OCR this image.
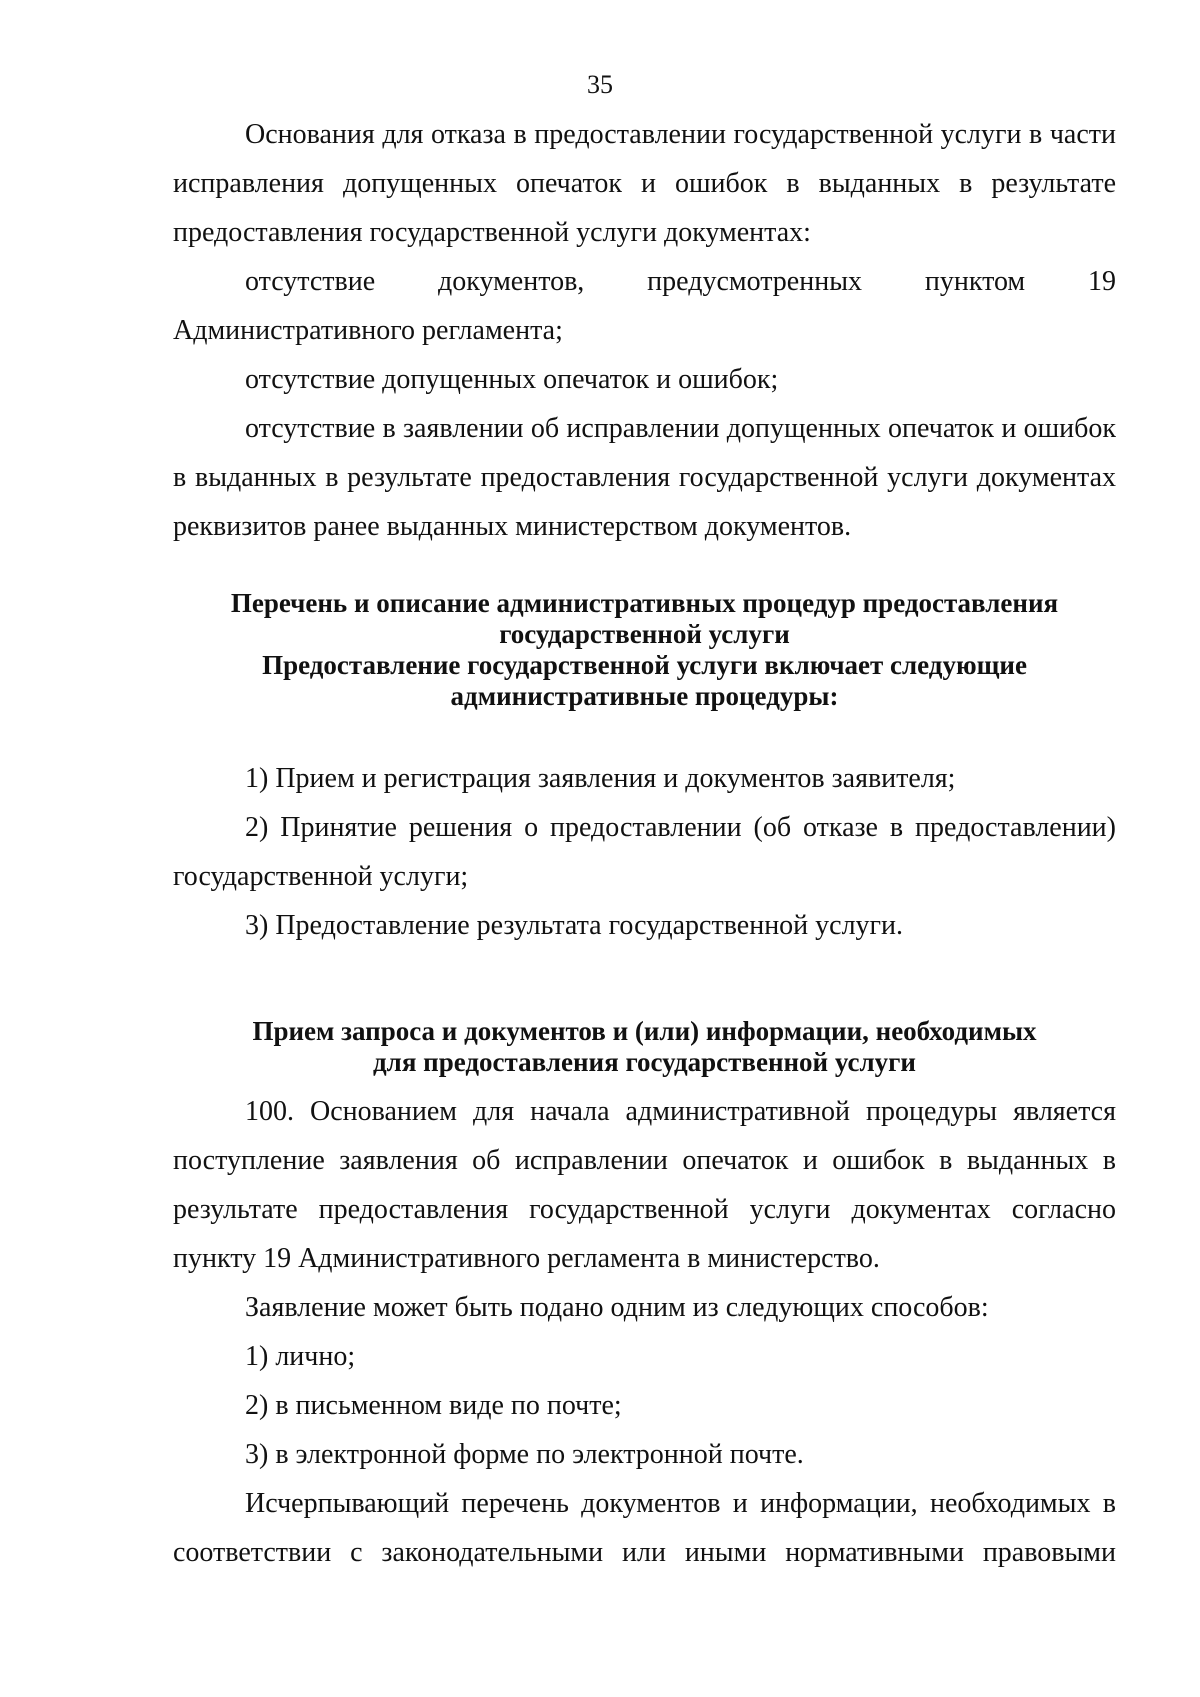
35

Основания для отказа в предоставлении государственной услуги в части исправления допущенных опечаток и ошибок в выданных в результате предоставления государственной услуги документах:

отсутствие документов, предусмотренных пунктом 19 Административного регламента;

отсутствие допущенных опечаток и ошибок;

отсутствие в заявлении об исправлении допущенных опечаток и ошибок в выданных в результате предоставления государственной услуги документах реквизитов ранее выданных министерством документов.

Перечень и описание административных процедур предоставления
государственной услуги
Предоставление государственной услуги включает следующие
административные процедуры:

1) Прием и регистрация заявления и документов заявителя;

2) Принятие решения о предоставлении (об отказе в предоставлении) государственной услуги;

3) Предоставление результата государственной услуги.

Прием запроса и документов и (или) информации, необходимых
для предоставления государственной услуги

100. Основанием для начала административной процедуры является поступление заявления об исправлении опечаток и ошибок в выданных в результате предоставления государственной услуги документах согласно пункту 19 Административного регламента в министерство.

Заявление может быть подано одним из следующих способов:

1) лично;

2) в письменном виде по почте;

3) в электронной форме по электронной почте.

Исчерпывающий перечень документов и информации, необходимых в соответствии с законодательными или иными нормативными правовыми
